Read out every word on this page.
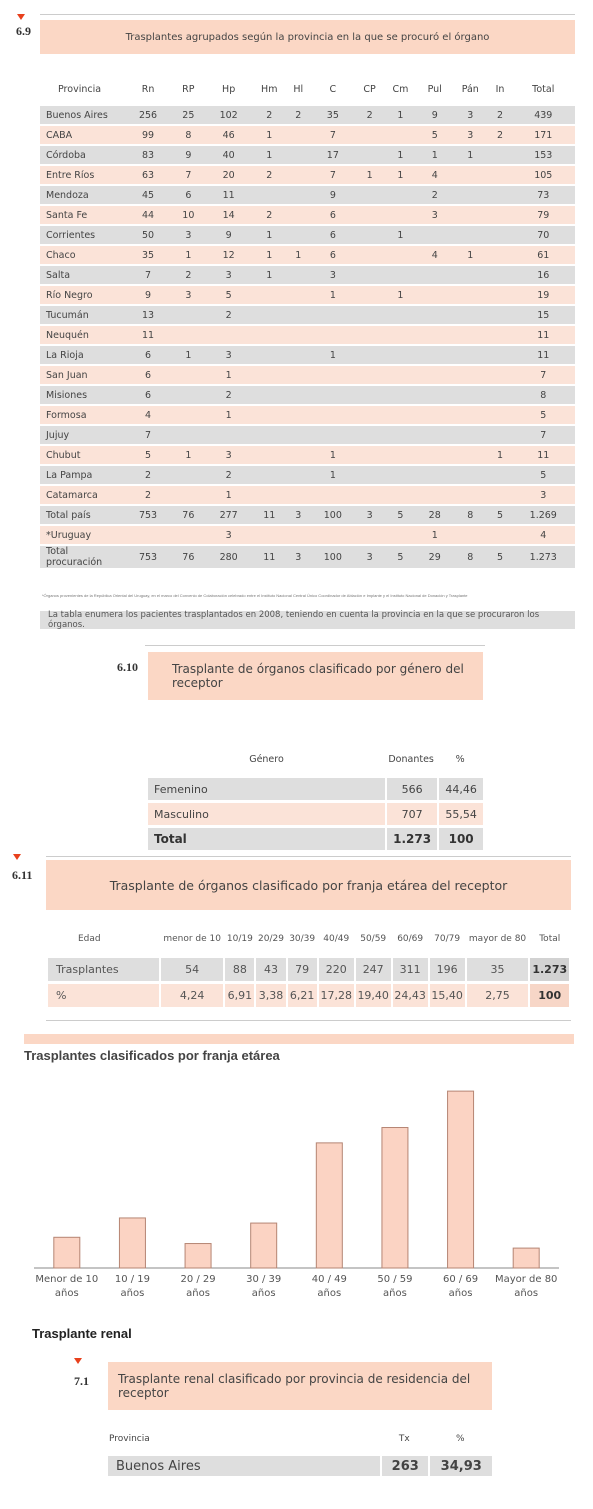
6.9	Trasplantes agrupados según la provincia en la que se procuró el órgano
Provincia	Rn	RP	Hp	Hm	Hl	C	CP	Cm	Pul	Pán	In	Total
Buenos Aires	256	25	102	2	2	35	2	1	9	3	2	439
CABA	99	8	46	1		7			5	3	2	171
Córdoba	83	9	40	1		17		1	1	1		153
Entre Ríos	63	7	20	2		7	1	1	4			105
Mendoza	45	6	11			9			2			73
Santa Fe	44	10	14	2		6			3			79
Corrientes	50	3	9	1		6		1				70
Chaco	35	1	12	1	1	6			4	1		61
Salta	7	2	3	1		3						16
Río Negro	9	3	5			1		1				19
Tucumán	13		2									15
Neuquén	11											11
La Rioja	6	1	3			1						11
San Juan	6		1									7
Misiones	6		2									8
Formosa	4		1									5
Jujuy	7											7
Chubut	5	1	3			1					1	11
La Pampa	2		2			1						5
Catamarca	2		1									3
Total país	753	76	277	11	3	100	3	5	28	8	5	1.269
*Uruguay			3						1			4
Total procuración	753	76	280	11	3	100	3	5	29	8	5	1.273
*Órganos provenientes de la República Oriental del Uruguay, en el marco del Convenio de Colaboración celebrado entre el Instituto Nacional Central Único Coordinador de Ablación e Implante y el Instituto Nacional de Donación y Trasplante
La tabla enumera los pacientes trasplantados en 2008, teniendo en cuenta la provincia en la que se procuraron los órganos.
6.10	Trasplante de órganos clasificado por género del receptor
Género	Donantes	%
Femenino	566	44,46
Masculino	707	55,54
Total	1.273	100
6.11
Trasplante de órganos clasificado por franja etárea del receptor
Edad	menor de 10	10/19	20/29	30/39	40/49	50/59	60/69	70/79	mayor de 80	Total
Trasplantes	54	88	43	79	220	247	311	196	35	1.273
%	4,24	6,91	3,38	6,21	17,28	19,40	24,43	15,40	2,75	100
Trasplantes clasificados por franja etárea
Menor de 10
años
10 / 19
años
20 / 29
años
30 / 39
años
40 / 49
años
50 / 59
años
60 / 69
años
Mayor de 80
años
Trasplante renal
7.1 Trasplante renal clasificado por provincia de residencia del receptor
Provincia	Tx	%
Buenos Aires	263	34,93
